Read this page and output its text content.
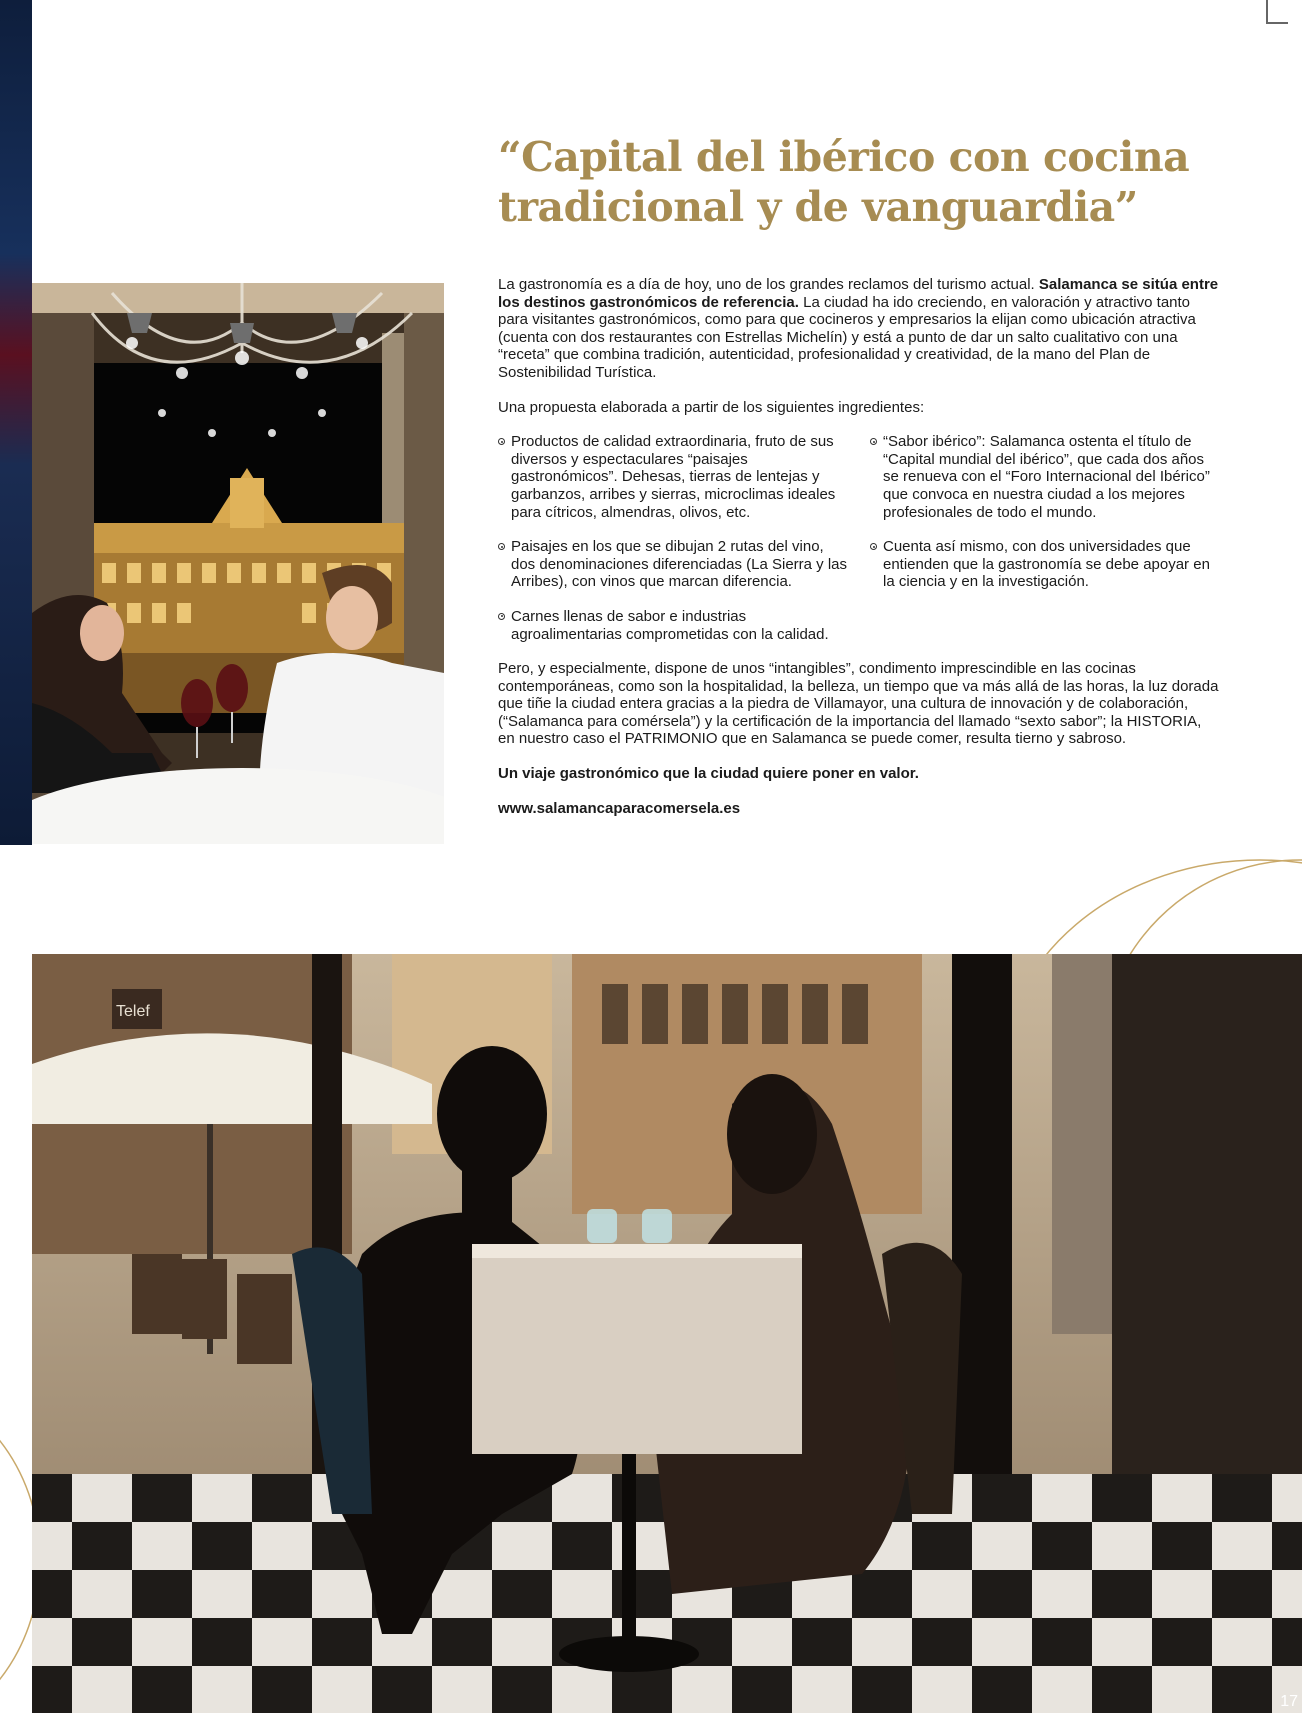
“Capital del ibérico con cocina
tradicional y de vanguardia”

La gastronomía es a día de hoy, uno de los grandes reclamos del turismo actual. Salamanca se sitúa entre los destinos gastronómicos de referencia. La ciudad ha ido creciendo, en valoración y atractivo tanto para visitantes gastronómicos, como para que cocineros y empresarios la elijan como ubicación atractiva (cuenta con dos restaurantes con Estrellas Michelín) y está a punto de dar un salto cualitativo con una “receta” que combina tradición, autenticidad, profesionalidad y creatividad, de la mano del Plan de Sostenibilidad Turística.

Una propuesta elaborada a partir de los siguientes ingredientes:

Productos de calidad extraordinaria, fruto de sus diversos y espectaculares “paisajes gastronómicos”. Dehesas, tierras de lentejas y garbanzos, arribes y sierras, microclimas ideales para cítricos, almendras, olivos, etc.
Paisajes en los que se dibujan 2 rutas del vino, dos denominaciones diferenciadas (La Sierra y las Arribes), con vinos que marcan diferencia.
Carnes llenas de sabor e industrias agroalimentarias comprometidas con la calidad.
“Sabor ibérico”: Salamanca ostenta el título de “Capital mundial del ibérico”, que cada dos años se renueva con el “Foro Internacional del Ibérico” que convoca en nuestra ciudad a los mejores profesionales de todo el mundo.
Cuenta así mismo, con dos universidades que entienden que la gastronomía se debe apoyar en la ciencia y en la investigación.

Pero, y especialmente, dispone de unos “intangibles”, condimento imprescindible en las cocinas contemporáneas, como son la hospitalidad, la belleza, un tiempo que va más allá de las horas, la luz dorada que tiñe la ciudad entera gracias a la piedra de Villamayor, una cultura de innovación y de colaboración, (“Salamanca para comérsela”) y la certificación de la importancia del llamado “sexto sabor”; la HISTORIA, en nuestro caso el PATRIMONIO que en Salamanca se puede comer, resulta tierno y sabroso.

Un viaje gastronómico que la ciudad quiere poner en valor.

www.salamancaparacomersela.es
Telef
17
